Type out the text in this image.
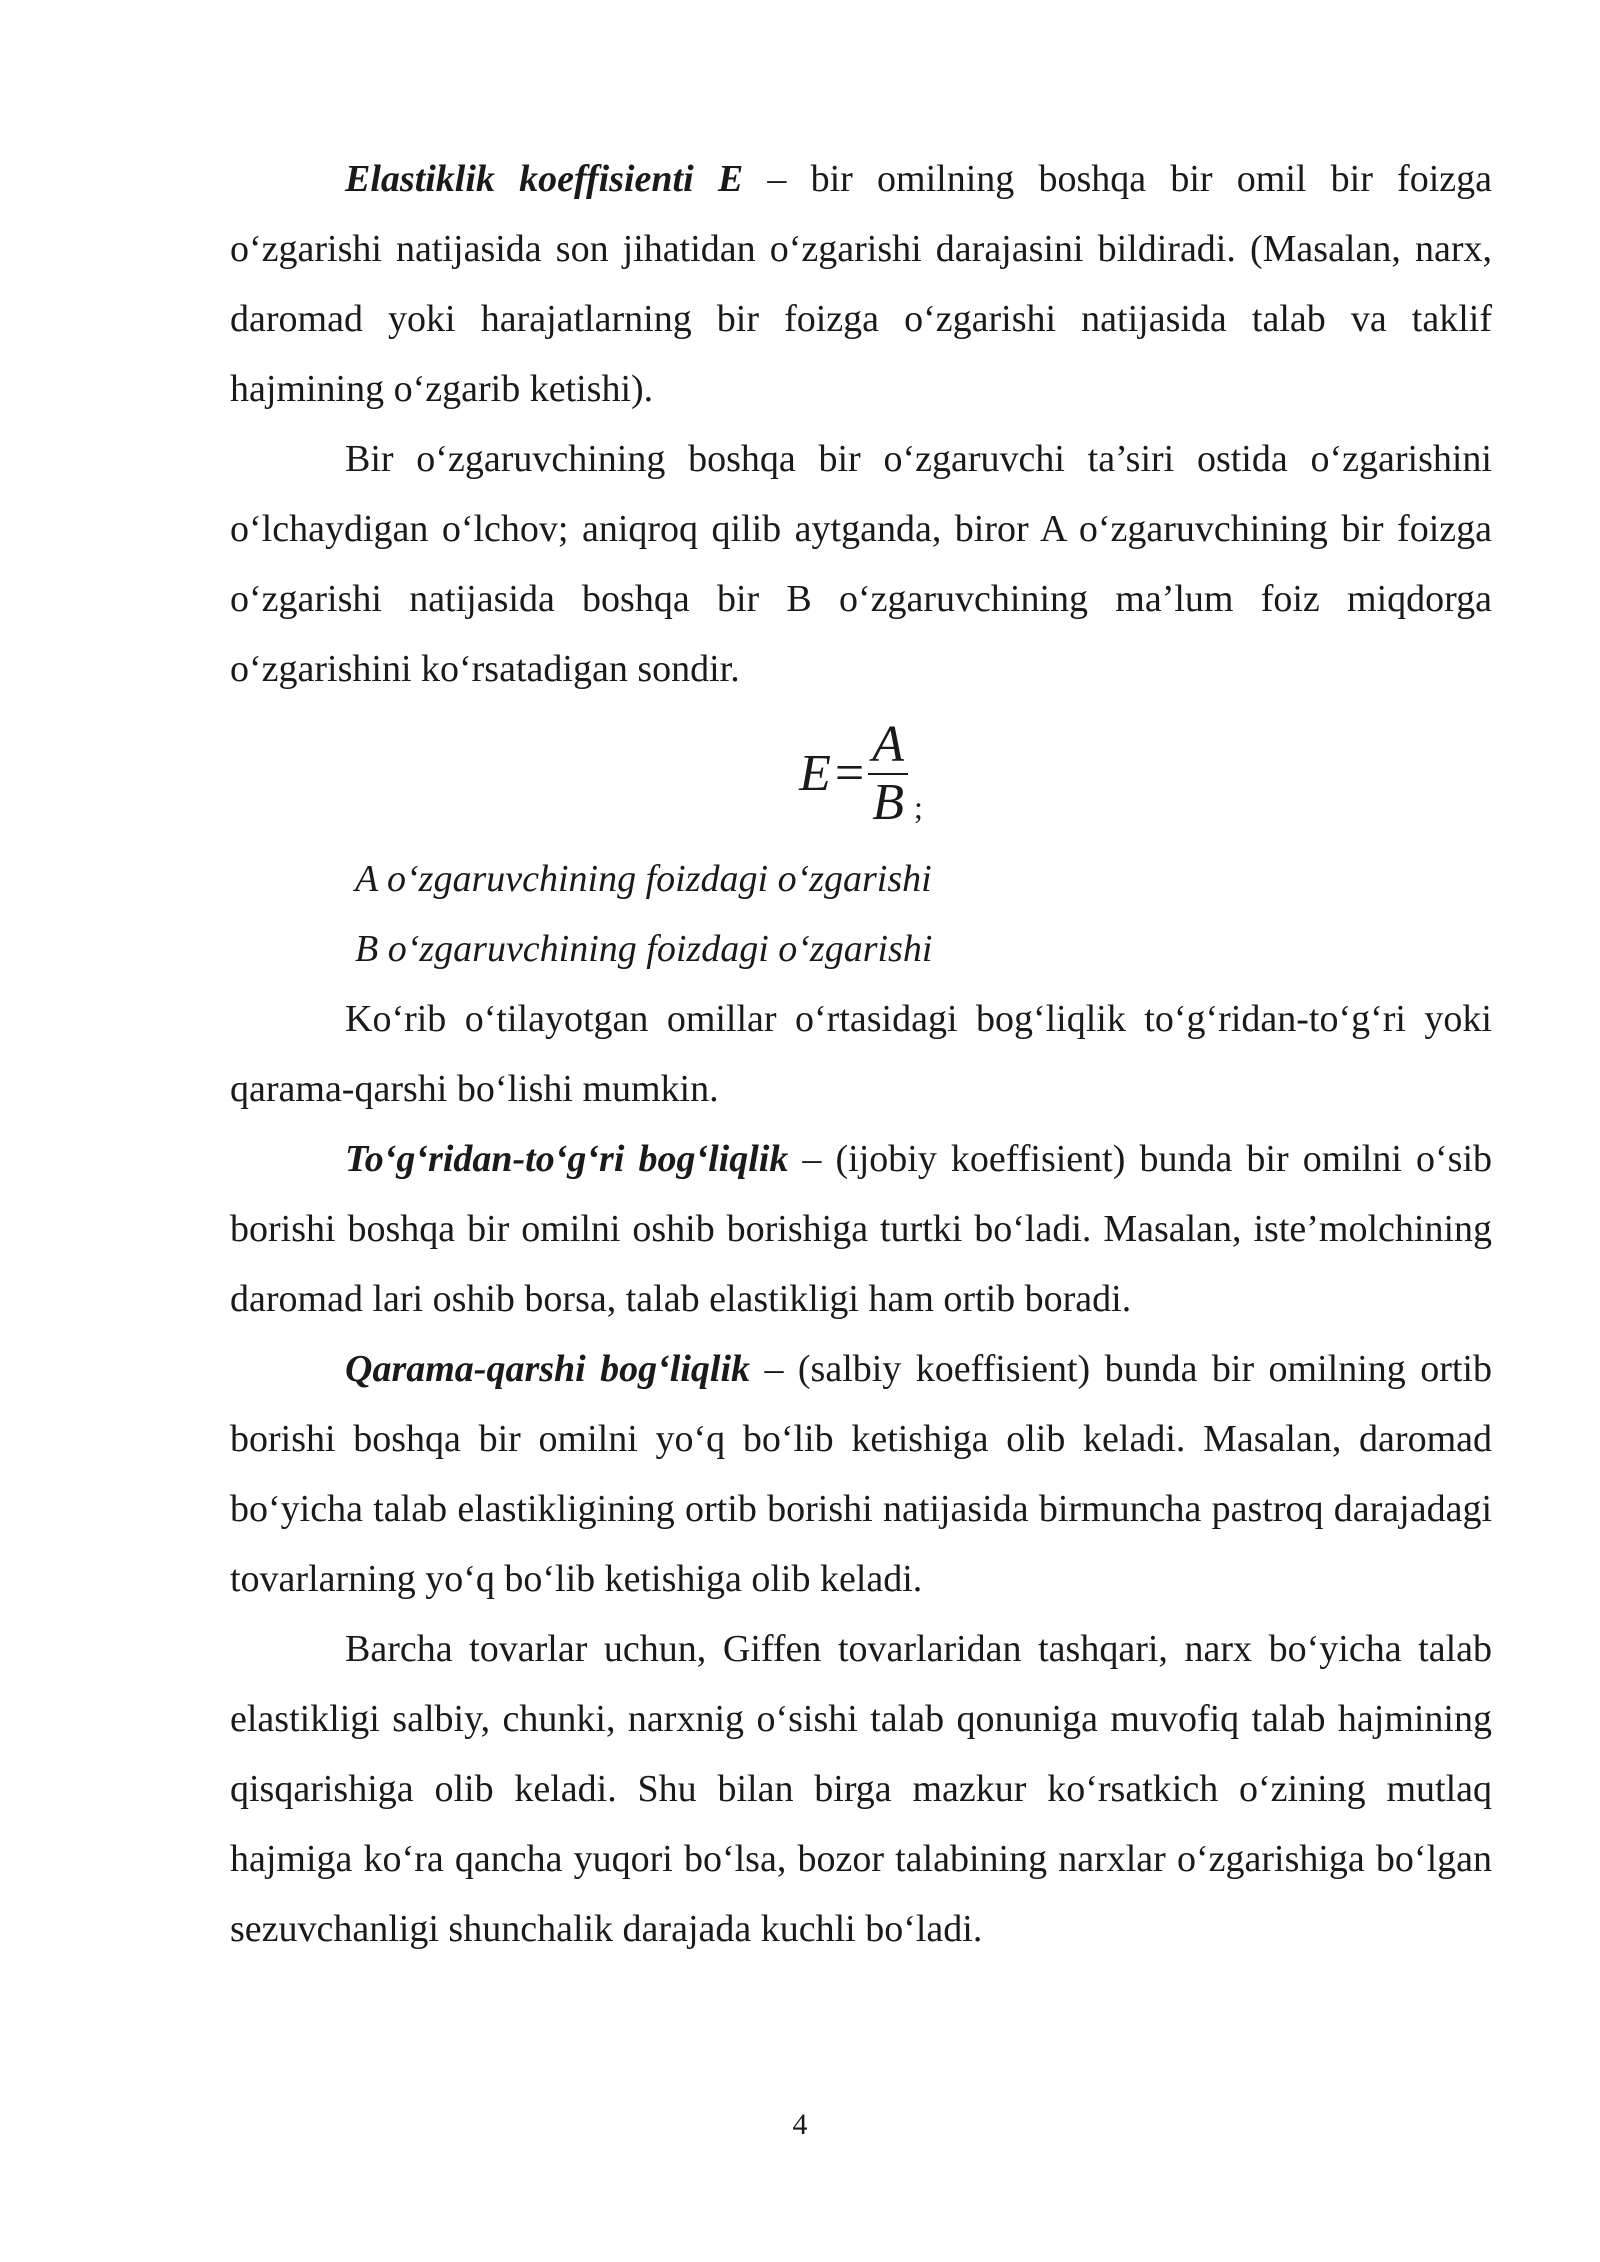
Elastiklik koeffisienti E – bir omilning boshqa bir omil bir foizga oʻzgarishi natijasida son jihatidan oʻzgarishi darajasini bildiradi. (Masalan, narx, daromad yoki harajatlarning bir foizga oʻzgarishi natijasida talab va taklif hajmining oʻzgarib ketishi).

Bir oʻzgaruvchining boshqa bir oʻzgaruvchi ta’siri ostida oʻzgarishini oʻlchaydigan oʻlchov; aniqroq qilib aytganda, biror A oʻzgaruvchining bir foizga oʻzgarishi natijasida boshqa bir B oʻzgaruvchining ma’lum foiz miqdorga oʻzgarishini koʻrsatadigan sondir.

$E = \frac{A}{B}$ ;
A oʻzgaruvchining foizdagi oʻzgarishi
B oʻzgaruvchining foizdagi oʻzgarishi

Koʻrib oʻtilayotgan omillar oʻrtasidagi bogʻliqlik toʻgʻridan-toʻgʻri yoki qarama-qarshi boʻlishi mumkin.

Toʻgʻridan-toʻgʻri bogʻliqlik – (ijobiy koeffisient) bunda bir omilni oʻsib borishi boshqa bir omilni oshib borishiga turtki boʻladi. Masalan, iste’molchining daromad lari oshib borsa, talab elastikligi ham ortib boradi.

Qarama-qarshi bogʻliqlik – (salbiy koeffisient) bunda bir omilning ortib borishi boshqa bir omilni yoʻq boʻlib ketishiga olib keladi. Masalan, daromad boʻyicha talab elastikligining ortib borishi natijasida birmuncha pastroq darajadagi tovarlarning yoʻq boʻlib ketishiga olib keladi.

Barcha tovarlar uchun, Giffen tovarlaridan tashqari, narx boʻyicha talab elastikligi salbiy, chunki, narxnig oʻsishi talab qonuniga muvofiq talab hajmining qisqarishiga olib keladi. Shu bilan birga mazkur koʻrsatkich oʻzining mutlaq hajmiga koʻra qancha yuqori boʻlsa, bozor talabining narxlar oʻzgarishiga boʻlgan sezuvchanligi shunchalik darajada kuchli boʻladi.

4
